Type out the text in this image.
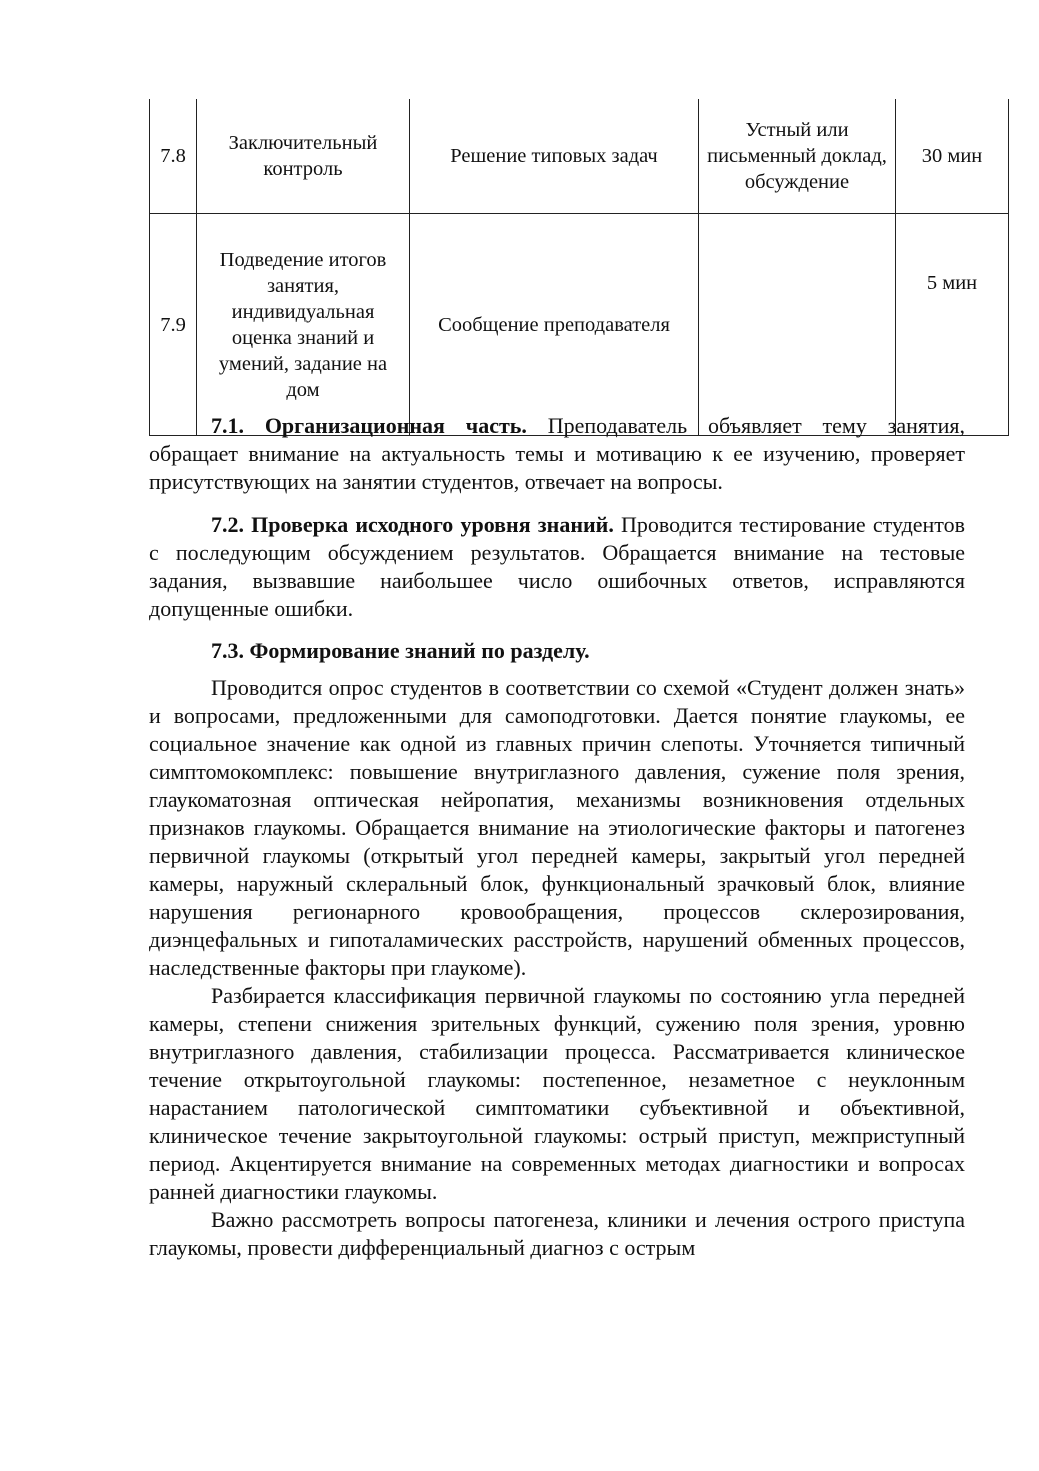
7.8	Заключительный контроль	Решение типовых задач	Устный или письменный доклад, обсуждение	30 мин
7.9	Подведение итогов занятия, индивидуальная оценка знаний и умений, задание на дом	Сообщение преподавателя		5 мин

7.1. Организационная часть. Преподаватель объявляет тему занятия, обращает внимание на актуальность темы и мотивацию к ее изучению, проверяет присутствующих на занятии студентов, отвечает на вопросы.

7.2. Проверка исходного уровня знаний. Проводится тестирование студентов с последующим обсуждением результатов. Обращается внимание на тестовые задания, вызвавшие наибольшее число ошибочных ответов, исправляются допущенные ошибки.

7.3. Формирование знаний по разделу.

Проводится опрос студентов в соответствии со схемой «Студент должен знать» и вопросами, предложенными для самоподготовки. Дается понятие глаукомы, ее социальное значение как одной из главных причин слепоты. Уточняется типичный симптомокомплекс: повышение внутриглазного давления, сужение поля зрения, глаукоматозная оптическая нейропатия, механизмы возникновения отдельных признаков глаукомы. Обращается внимание на этиологические факторы и патогенез первичной глаукомы (открытый угол передней камеры, закрытый угол передней камеры, наружный склеральный блок, функциональный зрачковый блок, влияние нарушения регионарного кровообращения, процессов склерозирования, диэнцефальных и гипоталамических расстройств, нарушений обменных процессов, наследственные факторы при глаукоме).

Разбирается классификация первичной глаукомы по состоянию угла передней камеры, степени снижения зрительных функций, сужению поля зрения, уровню внутриглазного давления, стабилизации процесса. Рассматривается клиническое течение открытоугольной глаукомы: постепенное, незаметное с неуклонным нарастанием патологической симптоматики субъективной и объективной, клиническое течение закрытоугольной глаукомы: острый приступ, межприступный период. Акцентируется внимание на современных методах диагностики и вопросах ранней диагностики глаукомы.

Важно рассмотреть вопросы патогенеза, клиники и лечения острого приступа глаукомы, провести дифференциальный диагноз с острым
